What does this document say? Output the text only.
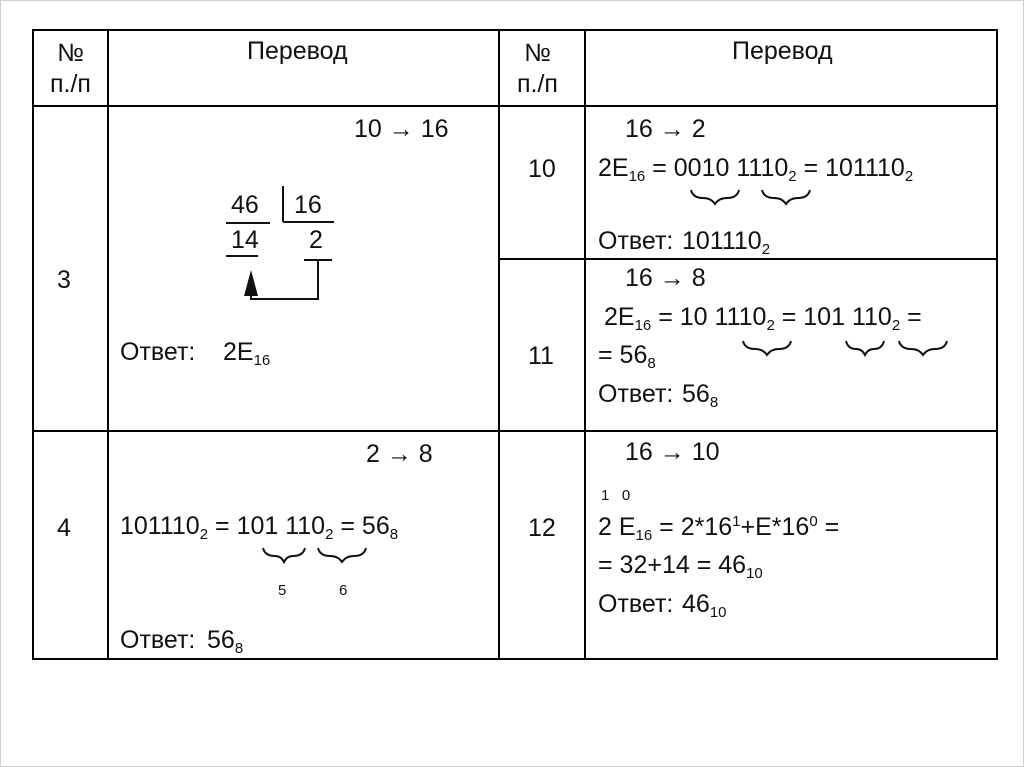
№
п./п
Перевод	№
п./п
Перевод
3
4
10
11
12
10 → 16
46 16
14 2
Ответ: $2E_{16}$
2 → 8
$101110_2 = 101$ $110_2 = 56_8$
5	6
Ответ: $56_8$
16 → 2
$2E_{16} = 0010$ $1110_2 = 101110_2$
Ответ: $101110_2$
16 → 8
$2E_{16} = 10$ $1110_2 = 101$ $110_2$ =
= $56_8$
Ответ: $56_8$
16 → 10
1   0
2 $E_{16} = 2*16^1+E*16^0$ =
= $32+14 = 46_{10}$
Ответ: $46_{10}$
